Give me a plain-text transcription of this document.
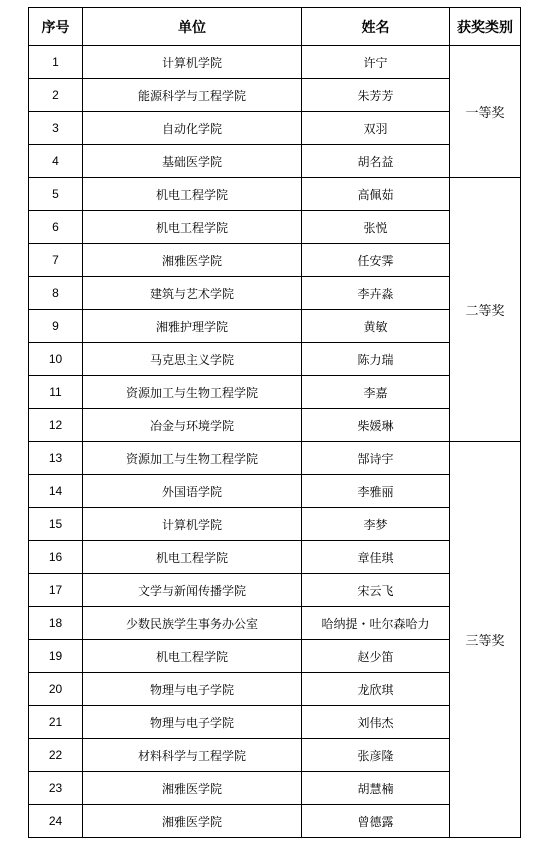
序号	单位	姓名	获奖类别
1	计算机学院	许宁	一等奖
2	能源科学与工程学院	朱芳芳	
3	自动化学院	双羽	
4	基础医学院	胡名益	
5	机电工程学院	高佩茹	二等奖
6	机电工程学院	张悦	
7	湘雅医学院	任安霁	
8	建筑与艺术学院	李卉淼	
9	湘雅护理学院	黄敏	
10	马克思主义学院	陈力瑞	
11	资源加工与生物工程学院	李嘉	
12	冶金与环境学院	柴媛琳	
13	资源加工与生物工程学院	郜诗宇	三等奖
14	外国语学院	李雅丽	
15	计算机学院	李梦	
16	机电工程学院	章佳琪	
17	文学与新闻传播学院	宋云飞	
18	少数民族学生事务办公室	哈纳提・吐尔森哈力	
19	机电工程学院	赵少笛	
20	物理与电子学院	龙欣琪	
21	物理与电子学院	刘伟杰	
22	材料科学与工程学院	张彦隆	
23	湘雅医学院	胡慧楠	
24	湘雅医学院	曾德露	
